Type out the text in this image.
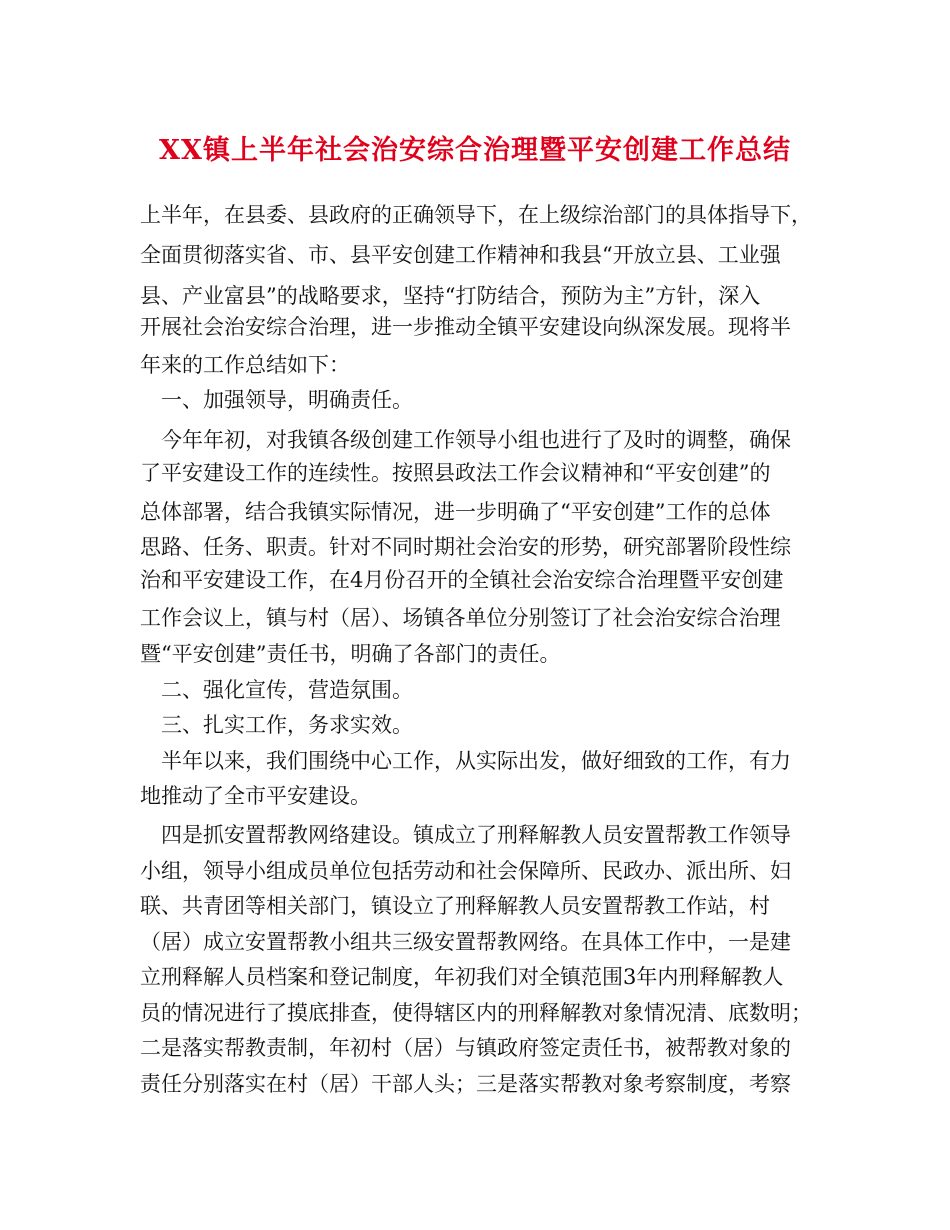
XX镇上半年社会治安综合治理暨平安创建工作总结
上半年，在县委、县政府的正确领导下，在上级综治部门的具体指导下，
全面贯彻落实省、市、县平安创建工作精神和我县“开放立县、工业强
县、产业富县”的战略要求，坚持“打防结合，预防为主”方针，深入
开展社会治安综合治理，进一步推动全镇平安建设向纵深发展。现将半
年来的工作总结如下：
　一、加强领导，明确责任。
　今年年初，对我镇各级创建工作领导小组也进行了及时的调整，确保
了平安建设工作的连续性。按照县政法工作会议精神和“平安创建”的
总体部署，结合我镇实际情况，进一步明确了“平安创建”工作的总体
思路、任务、职责。针对不同时期社会治安的形势，研究部署阶段性综
治和平安建设工作，在4月份召开的全镇社会治安综合治理暨平安创建
工作会议上，镇与村（居）、场镇各单位分别签订了社会治安综合治理
暨“平安创建”责任书，明确了各部门的责任。
　二、强化宣传，营造氛围。
　三、扎实工作，务求实效。
　半年以来，我们围绕中心工作，从实际出发，做好细致的工作，有力
地推动了全市平安建设。
　四是抓安置帮教网络建设。镇成立了刑释解教人员安置帮教工作领导
小组，领导小组成员单位包括劳动和社会保障所、民政办、派出所、妇
联、共青团等相关部门，镇设立了刑释解教人员安置帮教工作站，村
（居）成立安置帮教小组共三级安置帮教网络。在具体工作中，一是建
立刑释解人员档案和登记制度，年初我们对全镇范围3年内刑释解教人
员的情况进行了摸底排查，使得辖区内的刑释解教对象情况清、底数明；
二是落实帮教责制，年初村（居）与镇政府签定责任书，被帮教对象的
责任分别落实在村（居）干部人头；三是落实帮教对象考察制度，考察
